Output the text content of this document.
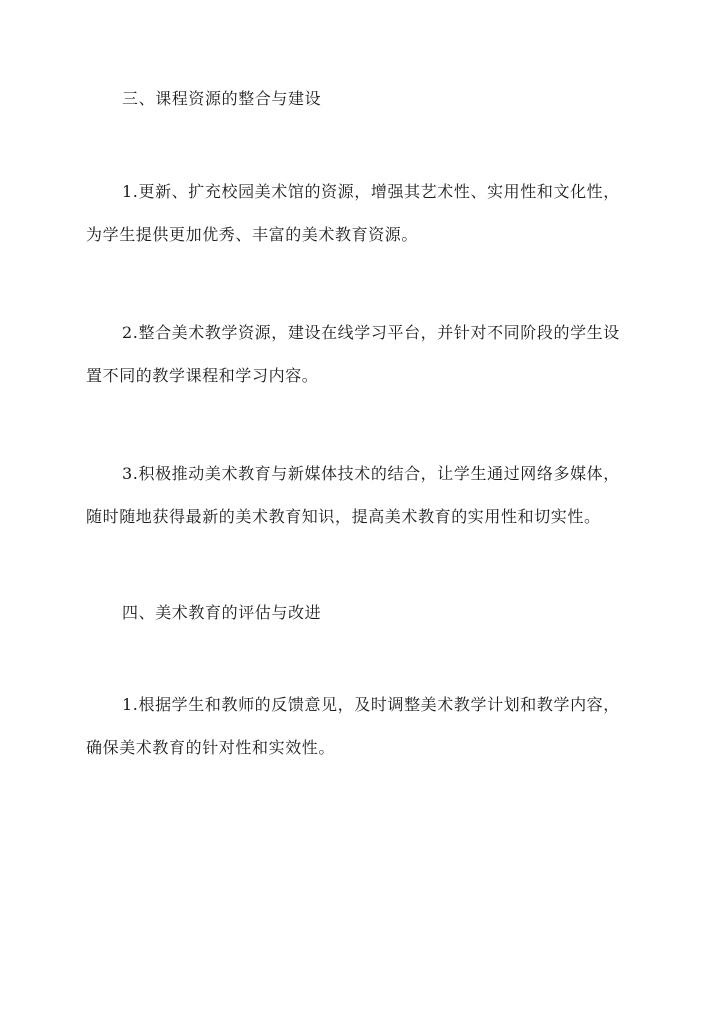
三、课程资源的整合与建设
1.更新、扩充校园美术馆的资源，增强其艺术性、实用性和文化性，
为学生提供更加优秀、丰富的美术教育资源。
2.整合美术教学资源，建设在线学习平台，并针对不同阶段的学生设
置不同的教学课程和学习内容。
3.积极推动美术教育与新媒体技术的结合，让学生通过网络多媒体，
随时随地获得最新的美术教育知识，提高美术教育的实用性和切实性。
四、美术教育的评估与改进
1.根据学生和教师的反馈意见，及时调整美术教学计划和教学内容，
确保美术教育的针对性和实效性。
